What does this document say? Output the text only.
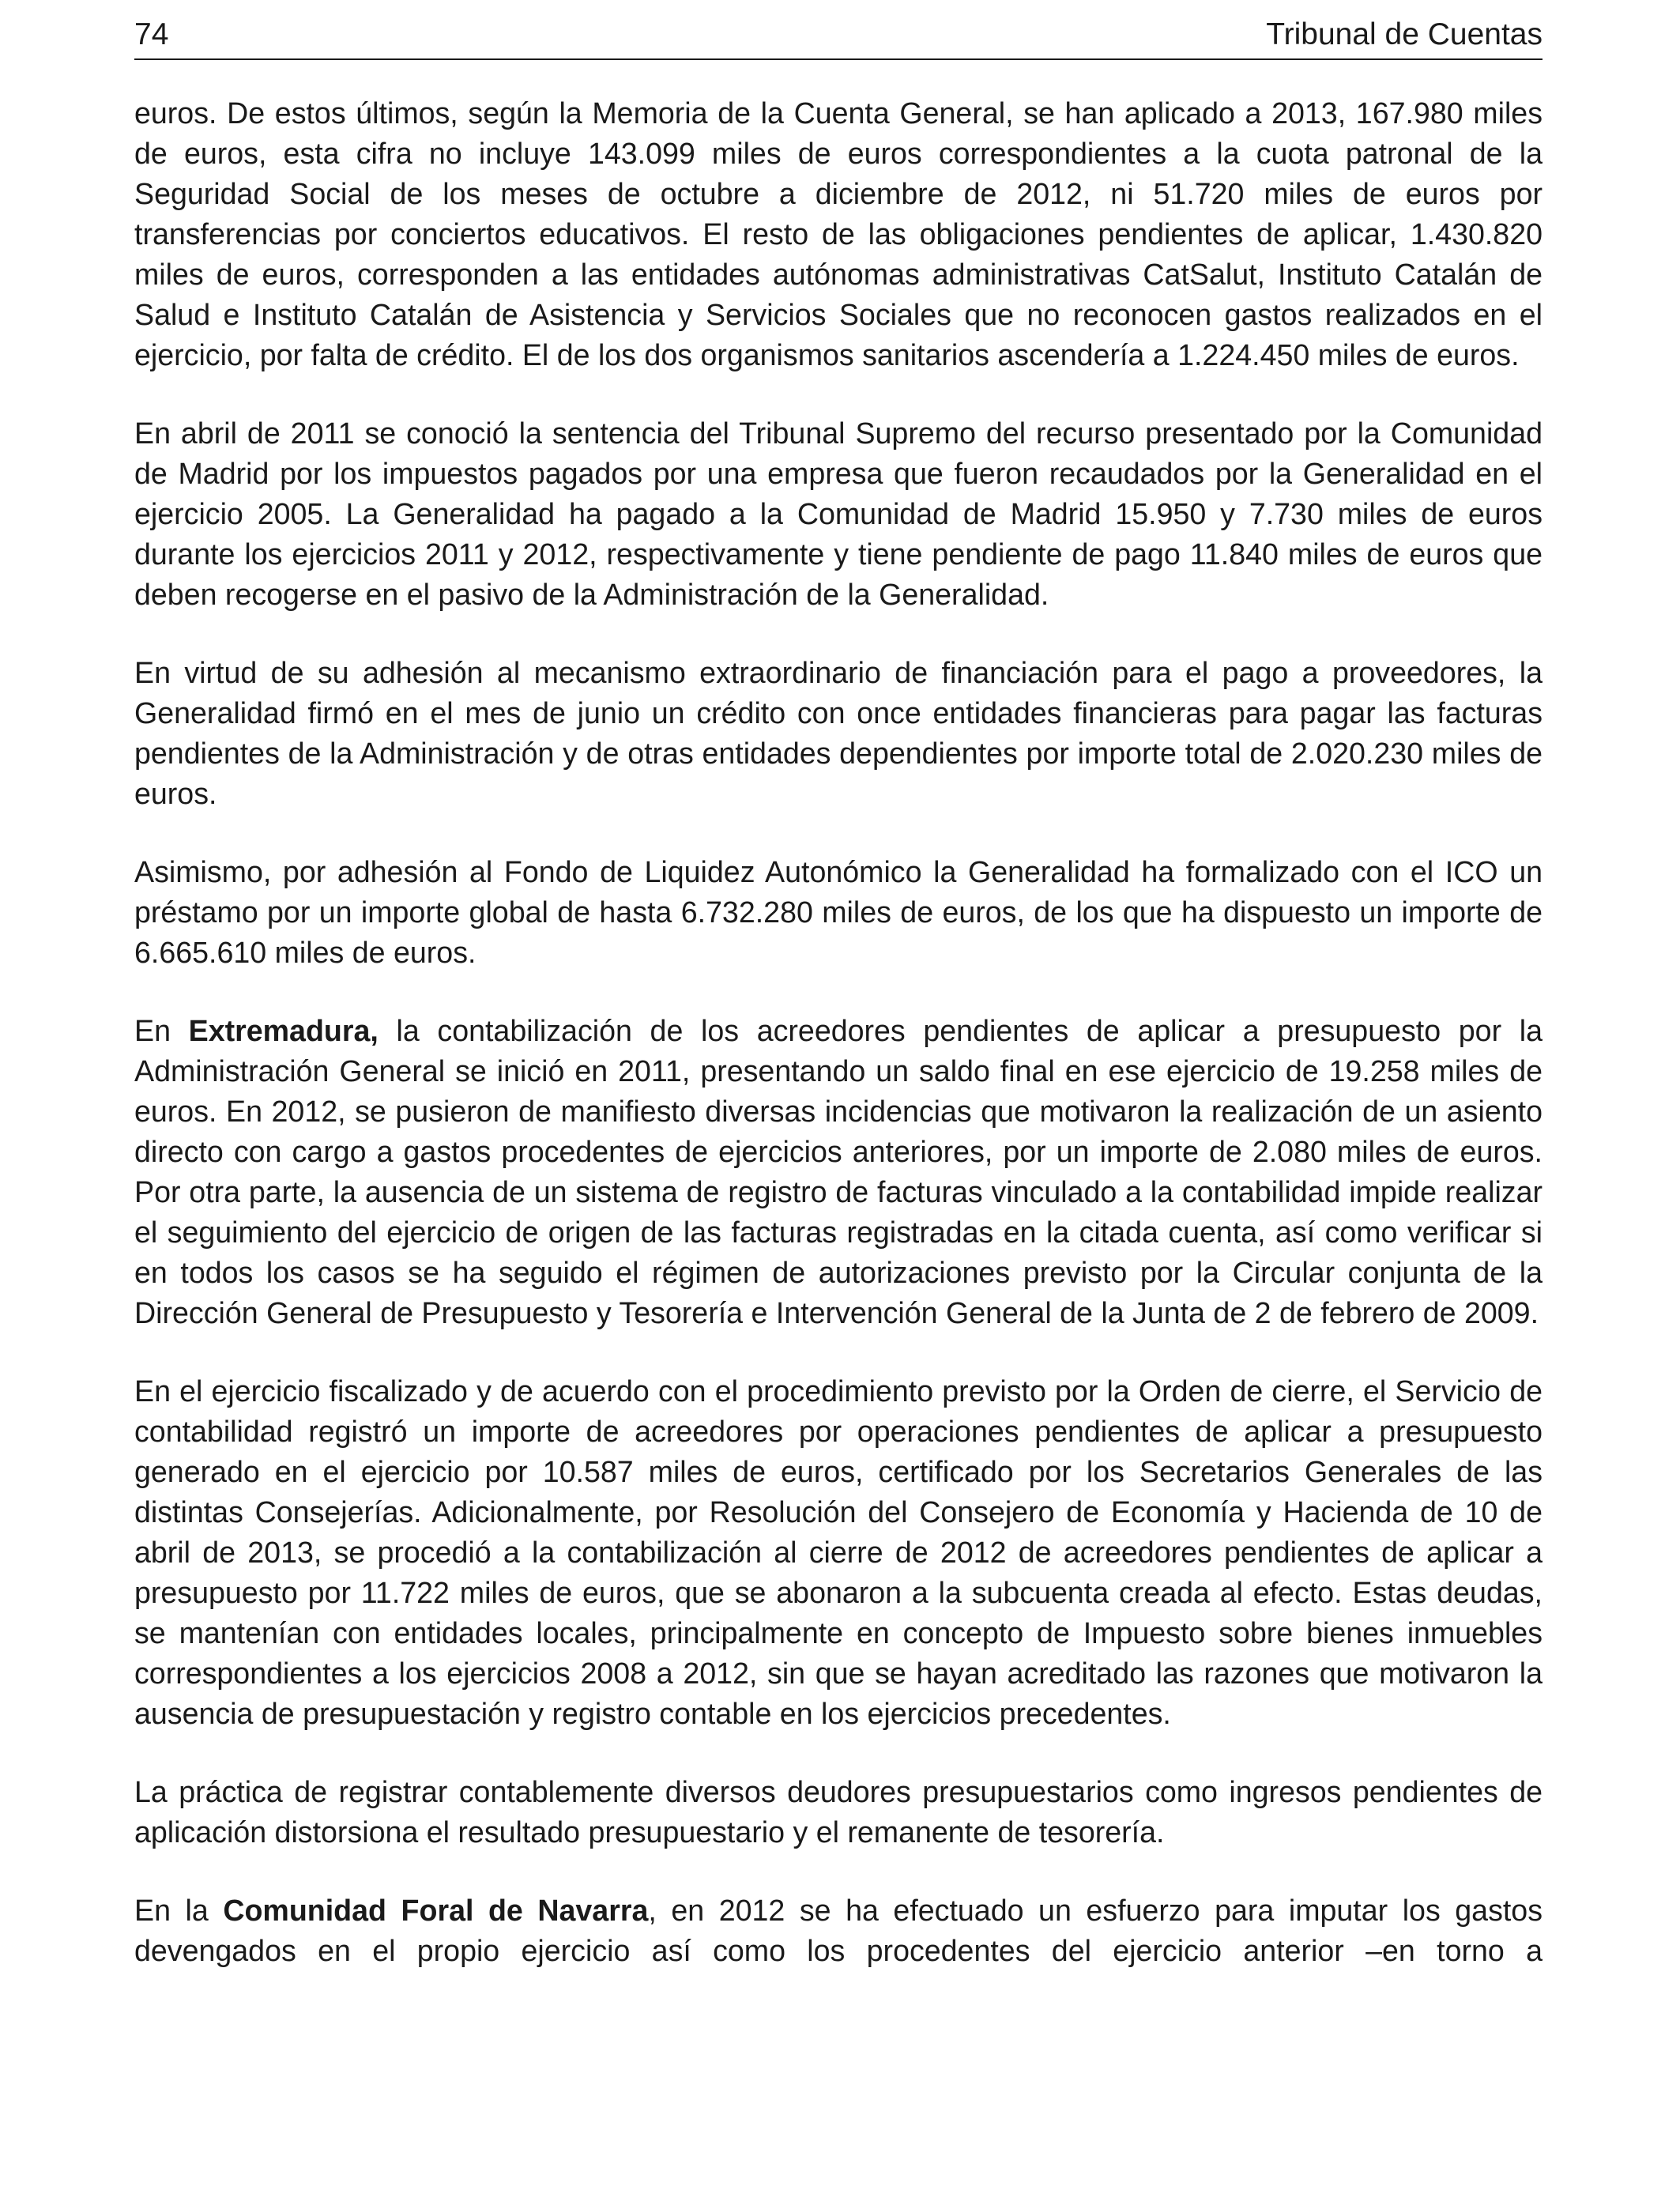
74	Tribunal de Cuentas

euros. De estos últimos, según la Memoria de la Cuenta General, se han aplicado a 2013, 167.980 miles de euros, esta cifra no incluye 143.099 miles de euros correspondientes a la cuota patronal de la Seguridad Social de los meses de octubre a diciembre de 2012, ni 51.720 miles de euros por transferencias por conciertos educativos. El resto de las obligaciones pendientes de aplicar, 1.430.820 miles de euros, corresponden a las entidades autónomas administrativas CatSalut, Instituto Catalán de Salud e Instituto Catalán de Asistencia y Servicios Sociales que no reconocen gastos realizados en el ejercicio, por falta de crédito. El de los dos organismos sanitarios ascendería a 1.224.450 miles de euros.

En abril de 2011 se conoció la sentencia del Tribunal Supremo del recurso presentado por la Comunidad de Madrid por los impuestos pagados por una empresa que fueron recaudados por la Generalidad en el ejercicio 2005. La Generalidad ha pagado a la Comunidad de Madrid 15.950 y 7.730 miles de euros durante los ejercicios 2011 y 2012, respectivamente y tiene pendiente de pago 11.840 miles de euros que deben recogerse en el pasivo de la Administración de la Generalidad.

En virtud de su adhesión al mecanismo extraordinario de financiación para el pago a proveedores, la Generalidad firmó en el mes de junio un crédito con once entidades financieras para pagar las facturas pendientes de la Administración y de otras entidades dependientes por importe total de 2.020.230 miles de euros.

Asimismo, por adhesión al Fondo de Liquidez Autonómico la Generalidad ha formalizado con el ICO un préstamo por un importe global de hasta 6.732.280 miles de euros, de los que ha dispuesto un importe de 6.665.610 miles de euros.

En Extremadura, la contabilización de los acreedores pendientes de aplicar a presupuesto por la Administración General se inició en 2011, presentando un saldo final en ese ejercicio de 19.258 miles de euros. En 2012, se pusieron de manifiesto diversas incidencias que motivaron la realización de un asiento directo con cargo a gastos procedentes de ejercicios anteriores, por un importe de 2.080 miles de euros. Por otra parte, la ausencia de un sistema de registro de facturas vinculado a la contabilidad impide realizar el seguimiento del ejercicio de origen de las facturas registradas en la citada cuenta, así como verificar si en todos los casos se ha seguido el régimen de autorizaciones previsto por la Circular conjunta de la Dirección General de Presupuesto y Tesorería e Intervención General de la Junta de 2 de febrero de 2009.

En el ejercicio fiscalizado y de acuerdo con el procedimiento previsto por la Orden de cierre, el Servicio de contabilidad registró un importe de acreedores por operaciones pendientes de aplicar a presupuesto generado en el ejercicio por 10.587 miles de euros, certificado por los Secretarios Generales de las distintas Consejerías. Adicionalmente, por Resolución del Consejero de Economía y Hacienda de 10 de abril de 2013, se procedió a la contabilización al cierre de 2012 de acreedores pendientes de aplicar a presupuesto por 11.722 miles de euros, que se abonaron a la subcuenta creada al efecto. Estas deudas, se mantenían con entidades locales, principalmente en concepto de Impuesto sobre bienes inmuebles correspondientes a los ejercicios 2008 a 2012, sin que se hayan acreditado las razones que motivaron la ausencia de presupuestación y registro contable en los ejercicios precedentes.

La práctica de registrar contablemente diversos deudores presupuestarios como ingresos pendientes de aplicación distorsiona el resultado presupuestario y el remanente de tesorería.

En la Comunidad Foral de Navarra, en 2012 se ha efectuado un esfuerzo para imputar los gastos devengados en el propio ejercicio así como los procedentes del ejercicio anterior –en torno a
